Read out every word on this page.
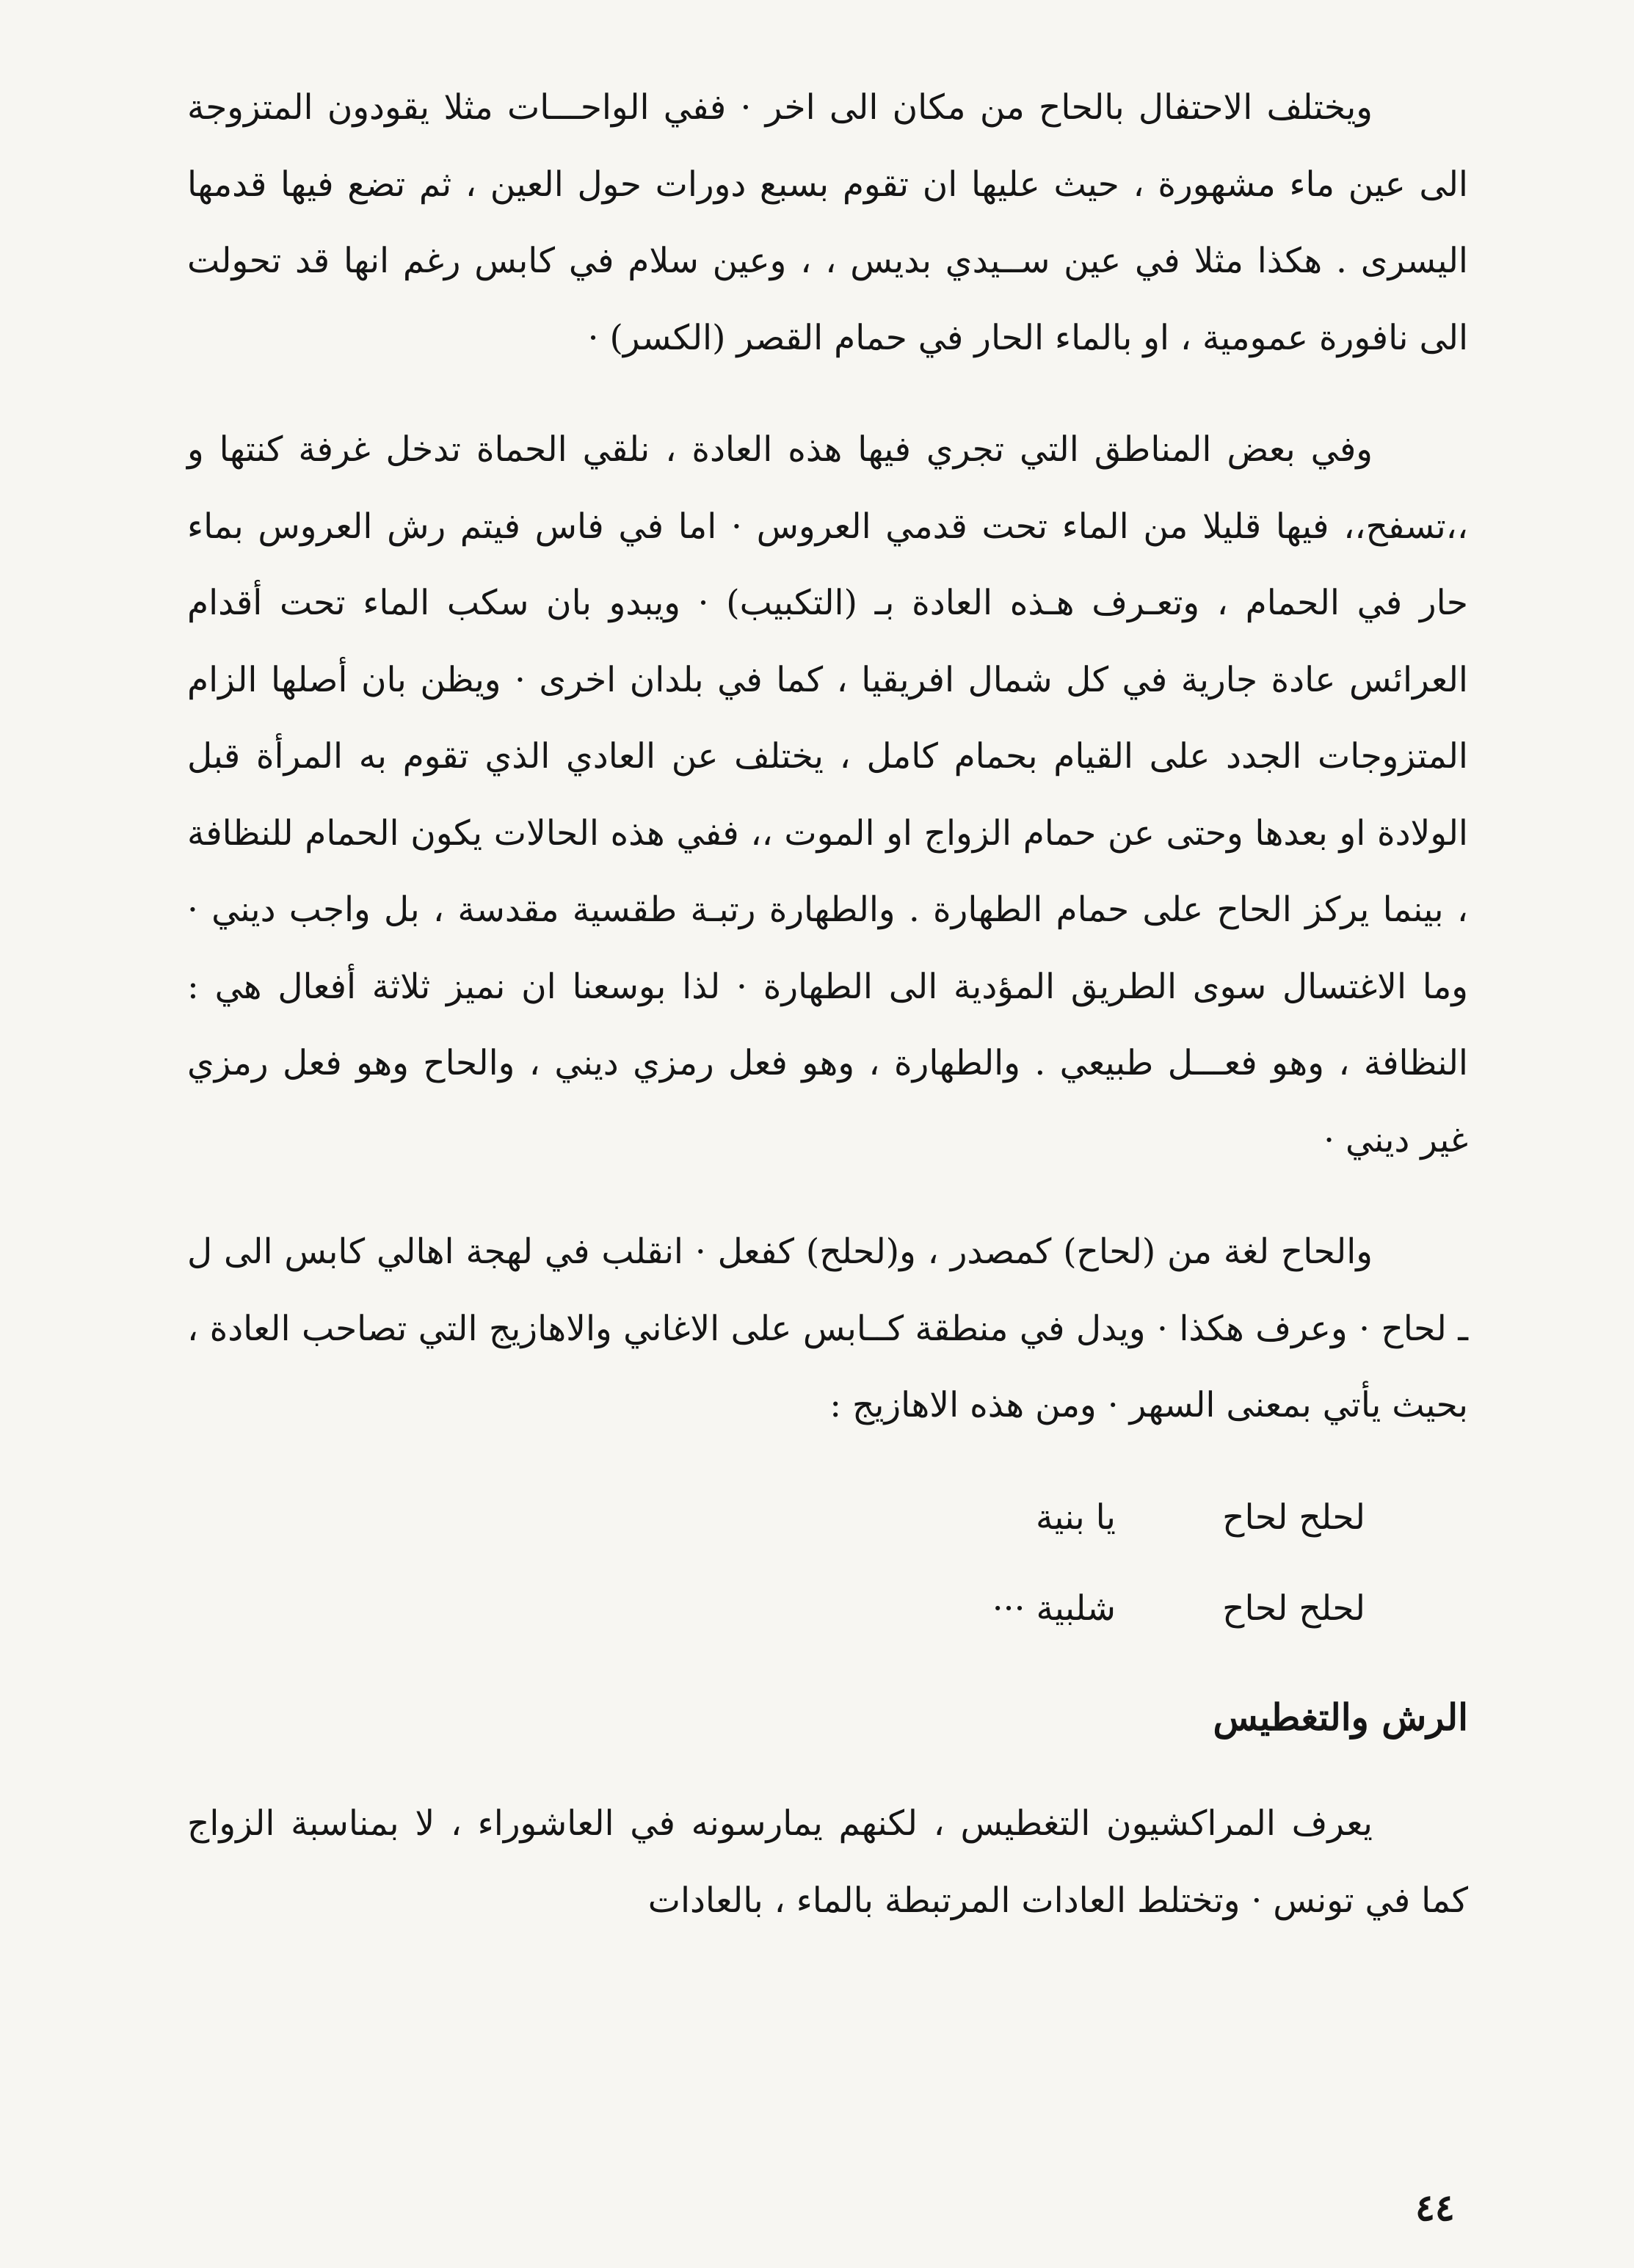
ويختلف الاحتفال بالحاح من مكان الى اخر · ففي الواحـــات مثلا يقودون المتزوجة الى عين ماء مشهورة ، حيث عليها ان تقوم بسبع دورات حول العين ، ثم تضع فيها قدمها اليسرى . هكذا مثلا في عين ســيدي بديس ، ، وعين سلام في كابس رغم انها قد تحولت الى نافورة عمومية ، او بالماء الحار في حمام القصر (الكسر) ·

وفي بعض المناطق التي تجري فيها هذه العادة ، نلقي الحماة تدخل غرفة كنتها و ،،تسفح،، فيها قليلا من الماء تحت قدمي العروس · اما في فاس فيتم رش العروس بماء حار في الحمام ، وتعـرف هـذه العادة بـ (التكبيب) · ويبدو بان سكب الماء تحت أقدام العرائس عادة جارية في كل شمال افريقيا ، كما في بلدان اخرى · ويظن بان أصلها الزام المتزوجات الجدد على القيام بحمام كامل ، يختلف عن العادي الذي تقوم به المرأة قبل الولادة او بعدها وحتى عن حمام الزواج او الموت ،، ففي هذه الحالات يكون الحمام للنظافة ، بينما يركز الحاح على حمام الطهارة . والطهارة رتبـة طقسية مقدسة ، بل واجب ديني · وما الاغتسال سوى الطريق المؤدية الى الطهارة · لذا بوسعنا ان نميز ثلاثة أفعال هي : النظافة ، وهو فعـــل طبيعي . والطهارة ، وهو فعل رمزي ديني ، والحاح وهو فعل رمزي غير ديني ·

والحاح لغة من (لحاح) كمصدر ، و(لحلح) كفعل · انقلب في لهجة اهالي كابس الى ل ـ لحاح · وعرف هكذا · ويدل في منطقة كــابس على الاغاني والاهازيج التي تصاحب العادة ، بحيث يأتي بمعنى السهر · ومن هذه الاهازيج :

لحلح لحاح
يا بنية
لحلح لحاح
شلبية ···
الرش والتغطيس

يعرف المراكشيون التغطيس ، لكنهم يمارسونه في العاشوراء ، لا بمناسبة الزواج كما في تونس · وتختلط العادات المرتبطة بالماء ، بالعادات

٤٤
